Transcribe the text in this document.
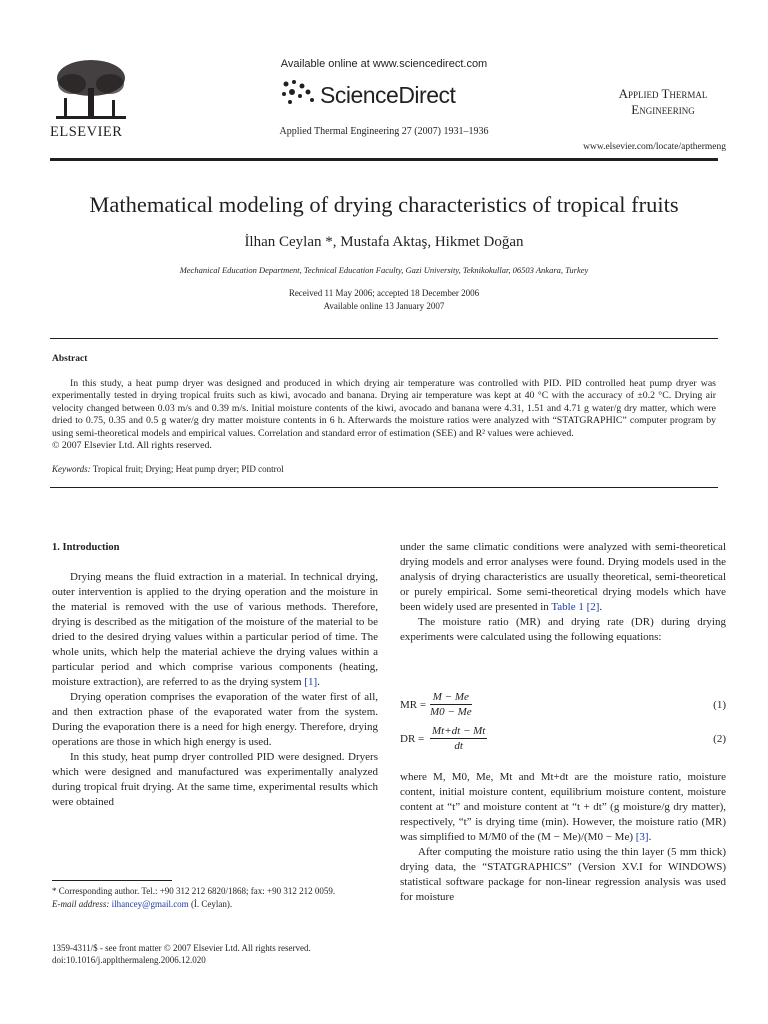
ELSEVIER
Available online at www.sciencedirect.com
ScienceDirect
Applied Thermal Engineering 27 (2007) 1931–1936
Applied Thermal
Engineering
www.elsevier.com/locate/apthermeng
Mathematical modeling of drying characteristics of tropical fruits
İlhan Ceylan *, Mustafa Aktaş, Hikmet Doğan
Mechanical Education Department, Technical Education Faculty, Gazi University, Teknikokullar, 06503 Ankara, Turkey
Received 11 May 2006; accepted 18 December 2006
Available online 13 January 2007
Abstract

In this study, a heat pump dryer was designed and produced in which drying air temperature was controlled with PID. PID controlled heat pump dryer was experimentally tested in drying tropical fruits such as kiwi, avocado and banana. Drying air temperature was kept at 40 °C with the accuracy of ±0.2 °C. Drying air velocity changed between 0.03 m/s and 0.39 m/s. Initial moisture contents of the kiwi, avocado and banana were 4.31, 1.51 and 4.71 g water/g dry matter, which were dried to 0.75, 0.35 and 0.5 g water/g dry matter moisture contents in 6 h. Afterwards the moisture ratios were analyzed with “STATGRAPHIC” computer program by using semi-theoretical models and empirical values. Correlation and standard error of estimation (SEE) and R² values were achieved.

© 2007 Elsevier Ltd. All rights reserved.

Keywords: Tropical fruit; Drying; Heat pump dryer; PID control
1. Introduction

Drying means the fluid extraction in a material. In technical drying, outer intervention is applied to the drying operation and the moisture in the material is removed with the use of various methods. Therefore, drying is described as the mitigation of the moisture of the material to be dried to the desired drying values within a particular period of time. The whole units, which help the material achieve the drying values within a particular period and which comprise various components (heating, moisture extraction), are referred to as the drying system [1].

Drying operation comprises the evaporation of the water first of all, and then extraction phase of the evaporated water from the system. During the evaporation there is a need for high energy. Therefore, drying operations are those in which high energy is used.

In this study, heat pump dryer controlled PID were designed. Dryers which were designed and manufactured was experimentally analyzed during tropical fruit drying. At the same time, experimental results which were obtained

under the same climatic conditions were analyzed with semi-theoretical drying models and error analyses were found. Drying models used in the analysis of drying characteristics are usually theoretical, semi-theoretical or purely empirical. Some semi-theoretical drying models which have been widely used are presented in Table 1 [2].

The moisture ratio (MR) and drying rate (DR) during drying experiments were calculated using the following equations:

MR = $\frac{M - Me}{M0 - Me}$	(1)
DR = $\frac{Mt+dt - Mt}{dt}$	(2)

where M, M0, Me, Mt and Mt+dt are the moisture ratio, moisture content, initial moisture content, equilibrium moisture content, moisture content at “t” and moisture content at “t + dt” (g moisture/g dry matter), respectively, “t” is drying time (min). However, the moisture ratio (MR) was simplified to M/M0 of the (M − Me)/(M0 − Me) [3].

After computing the moisture ratio using the thin layer (5 mm thick) drying data, the “STATGRAPHICS” (Version XV.I for WINDOWS) statistical software package for non-linear regression analysis was used for moisture

* Corresponding author. Tel.: +90 312 212 6820/1868; fax: +90 312 212 0059.

E-mail address: ilhancey@gmail.com (İ. Ceylan).

1359-4311/$ - see front matter © 2007 Elsevier Ltd. All rights reserved.
doi:10.1016/j.applthermaleng.2006.12.020
